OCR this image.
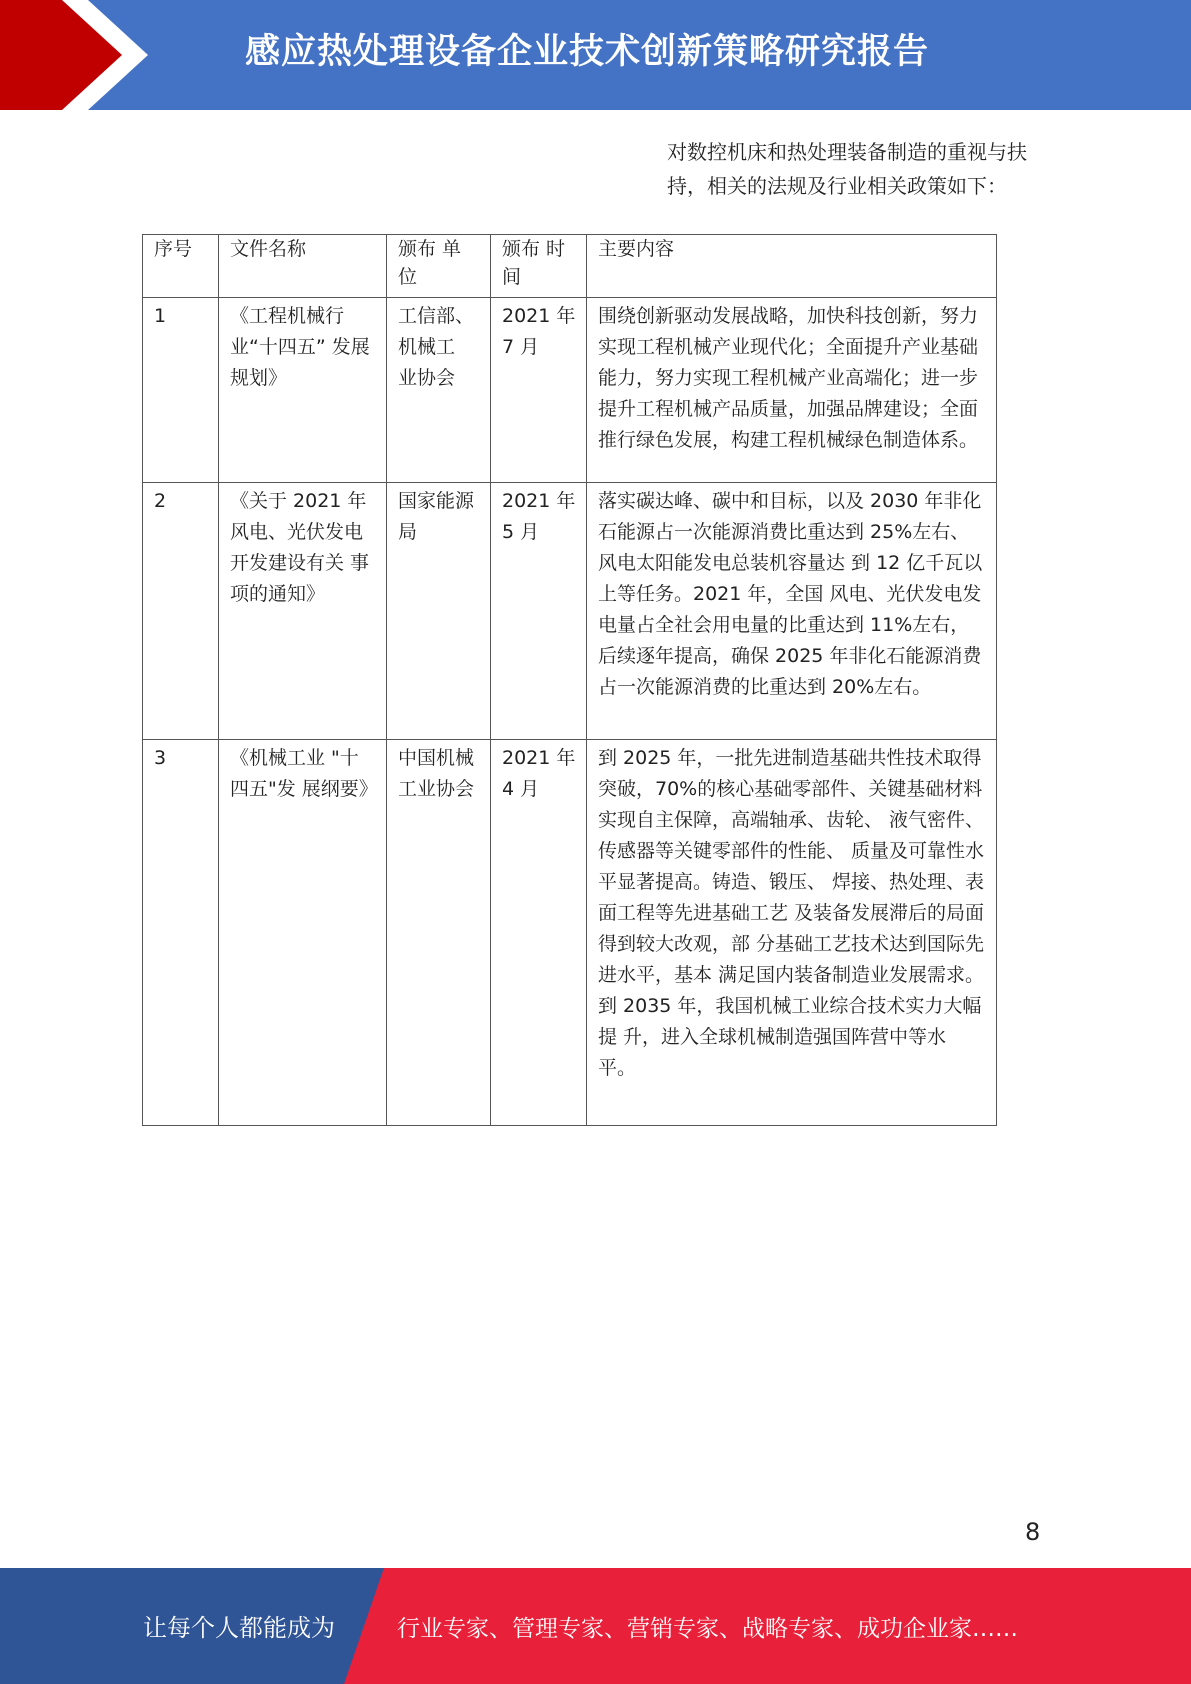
感应热处理设备企业技术创新策略研究报告
对数控机床和热处理装备制造的重视与扶
持，相关的法规及行业相关政策如下：
序号	文件名称	颁布 单位	颁布 时间	主要内容
1	《工程机械行业“十四五” 发展规划》	工信部、 机械工 业协会	2021 年 7 月	围绕创新驱动发展战略，加快科技创新，努力实现工程机械产业现代化；全面提升产业基础能力，努力实现工程机械产业高端化；进一步提升工程机械产品质量，加强品牌建设；全面推行绿色发展，构建工程机械绿色制造体系。
2	《关于 2021 年风电、光伏发电 开发建设有关 事项的通知》	国家能源局	2021 年 5 月	落实碳达峰、碳中和目标，以及 2030 年非化石能源占一次能源消费比重达到 25%左右、风电太阳能发电总装机容量达 到 12 亿千瓦以上等任务。2021 年，全国 风电、光伏发电发电量占全社会用电量的比重达到 11%左右，后续逐年提高，确保 2025 年非化石能源消费占一次能源消费的比重达到 20%左右。
3	《机械工业 "十四五"发 展纲要》	中国机械工业协会	2021 年 4 月	到 2025 年，一批先进制造基础共性技术取得突破，70%的核心基础零部件、关键基础材料实现自主保障，高端轴承、齿轮、 液气密件、传感器等关键零部件的性能、 质量及可靠性水平显著提高。铸造、锻压、 焊接、热处理、表面工程等先进基础工艺 及装备发展滞后的局面得到较大改观，部 分基础工艺技术达到国际先进水平，基本 满足国内装备制造业发展需求。到 2035 年，我国机械工业综合技术实力大幅提 升，进入全球机械制造强国阵营中等水 平。
8
让每个人都能成为	行业专家、管理专家、营销专家、战略专家、成功企业家……
